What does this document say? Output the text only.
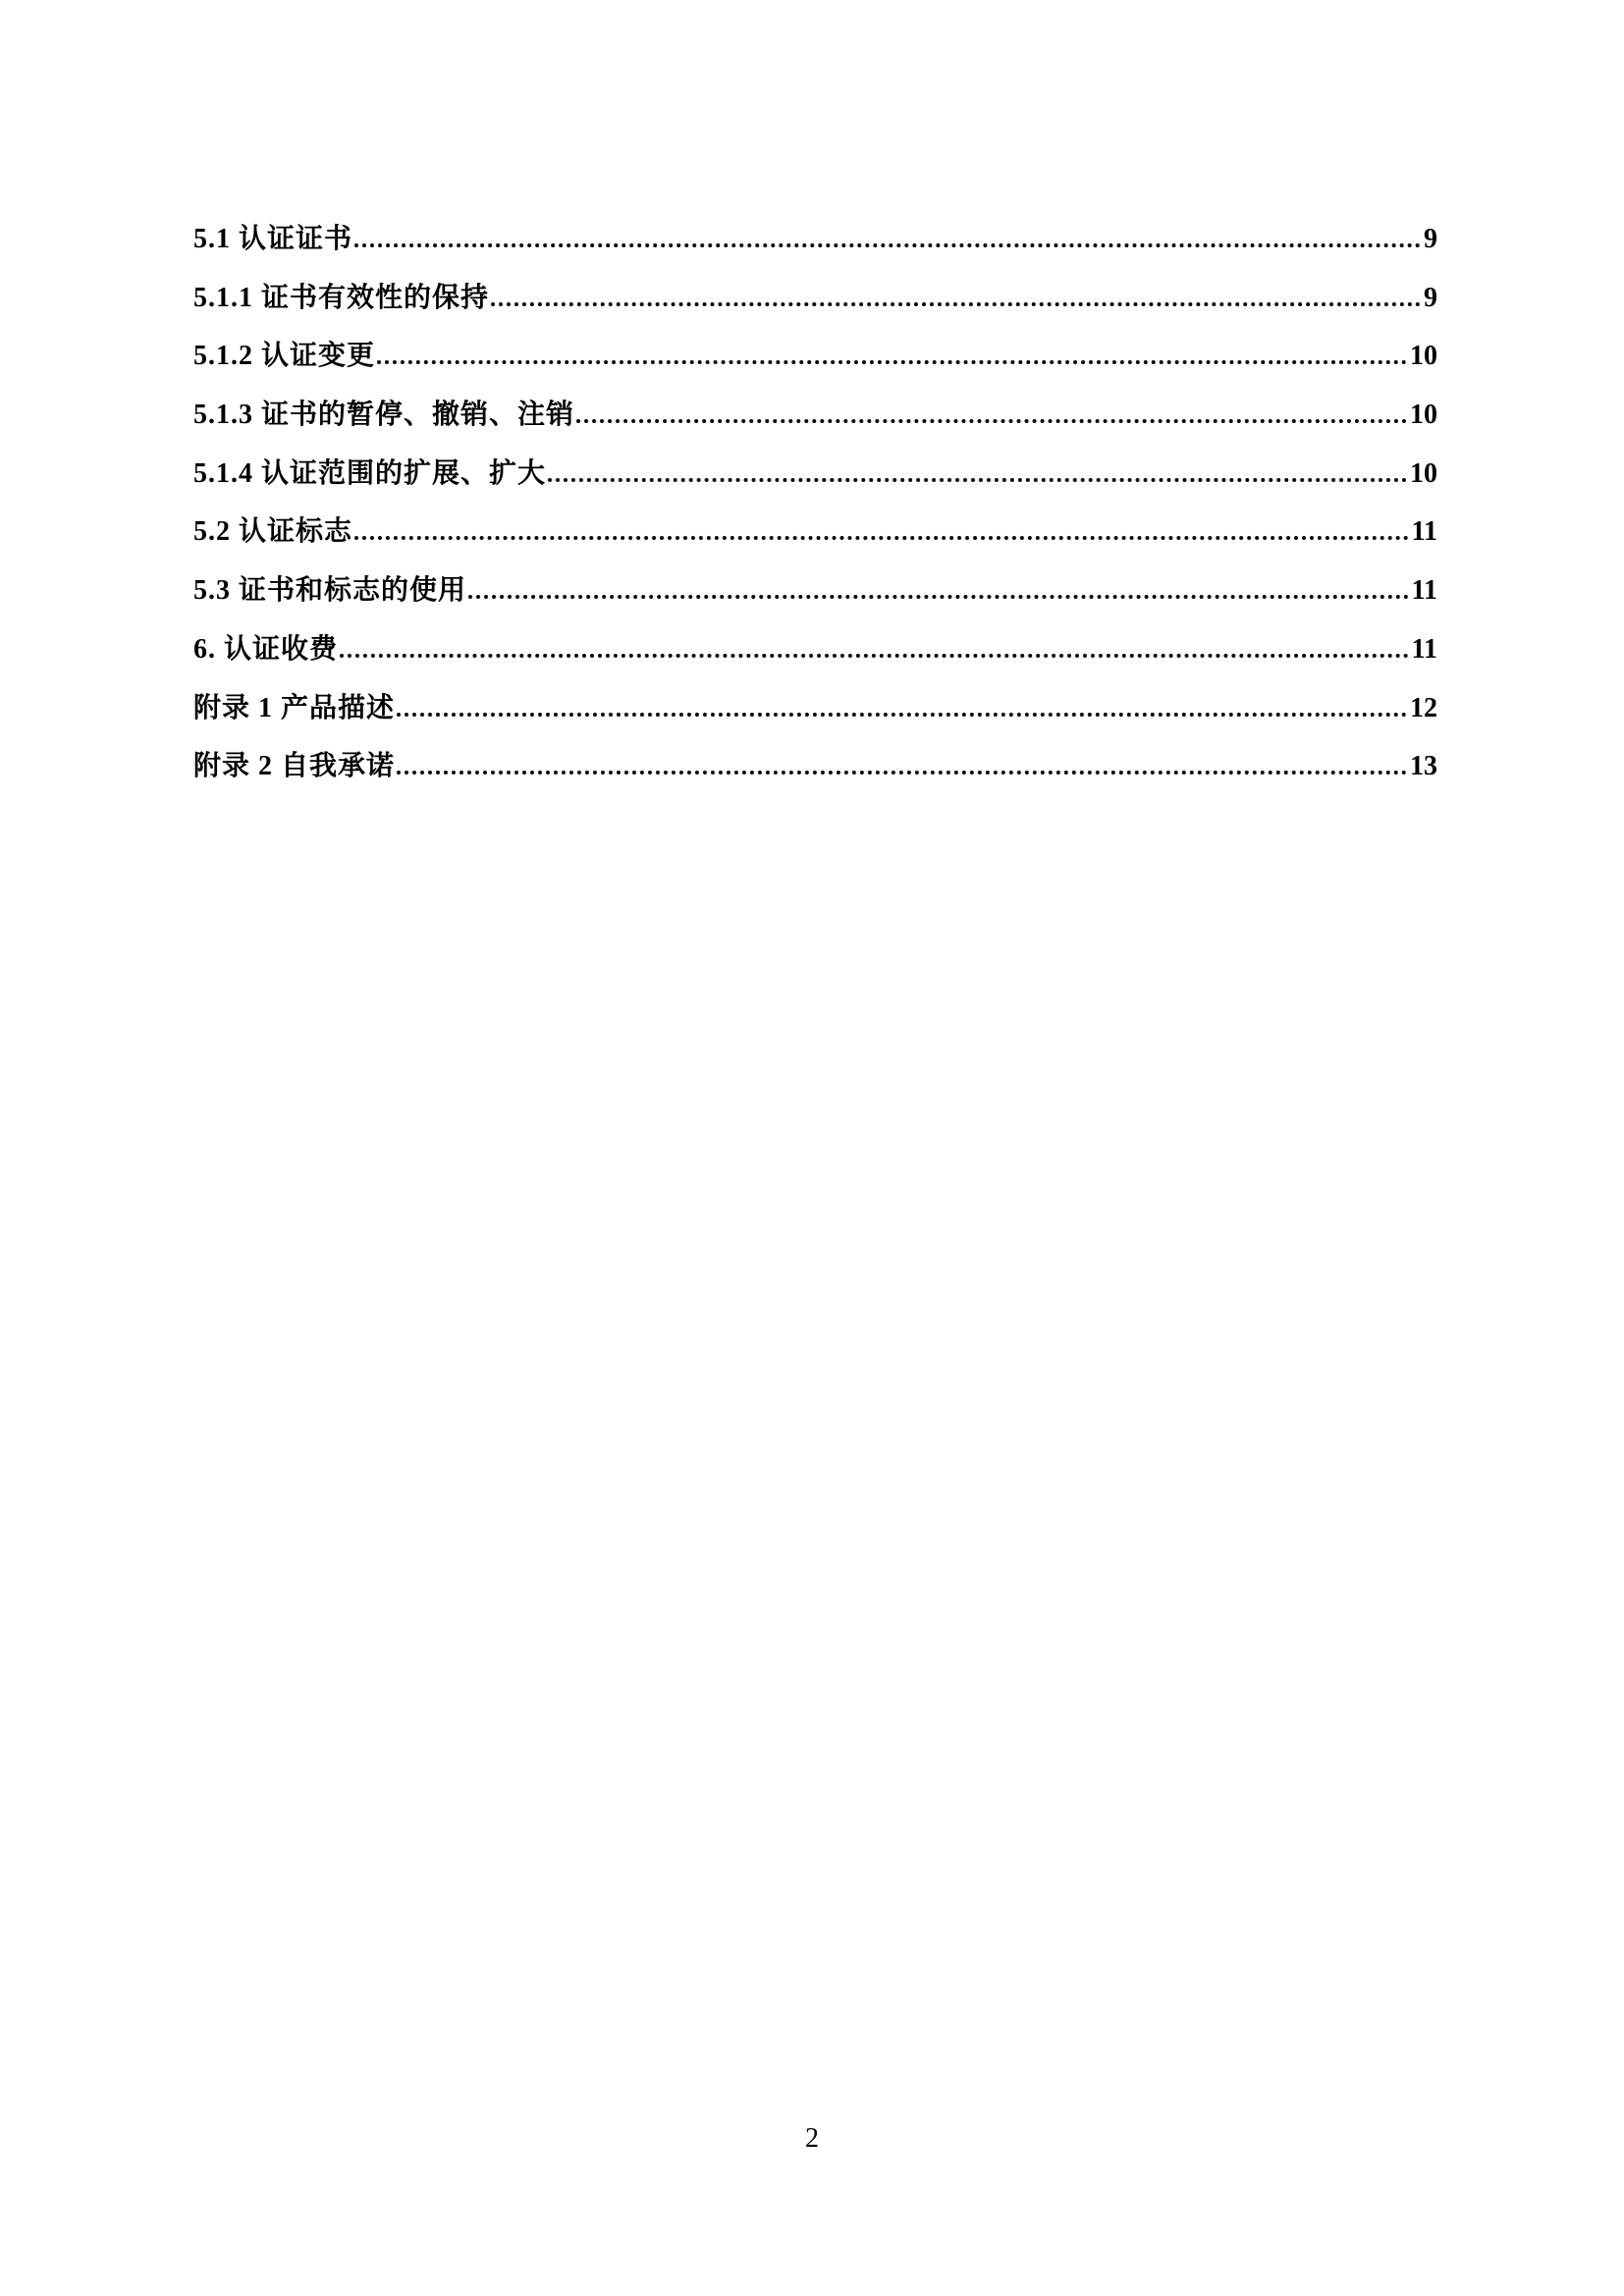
5.1 认证证书	9
5.1.1 证书有效性的保持	9
5.1.2 认证变更	10
5.1.3 证书的暂停、撤销、注销	10
5.1.4 认证范围的扩展、扩大	10
5.2 认证标志	11
5.3 证书和标志的使用	11
6. 认证收费	11
附录 1 产品描述	12
附录 2 自我承诺	13
2
